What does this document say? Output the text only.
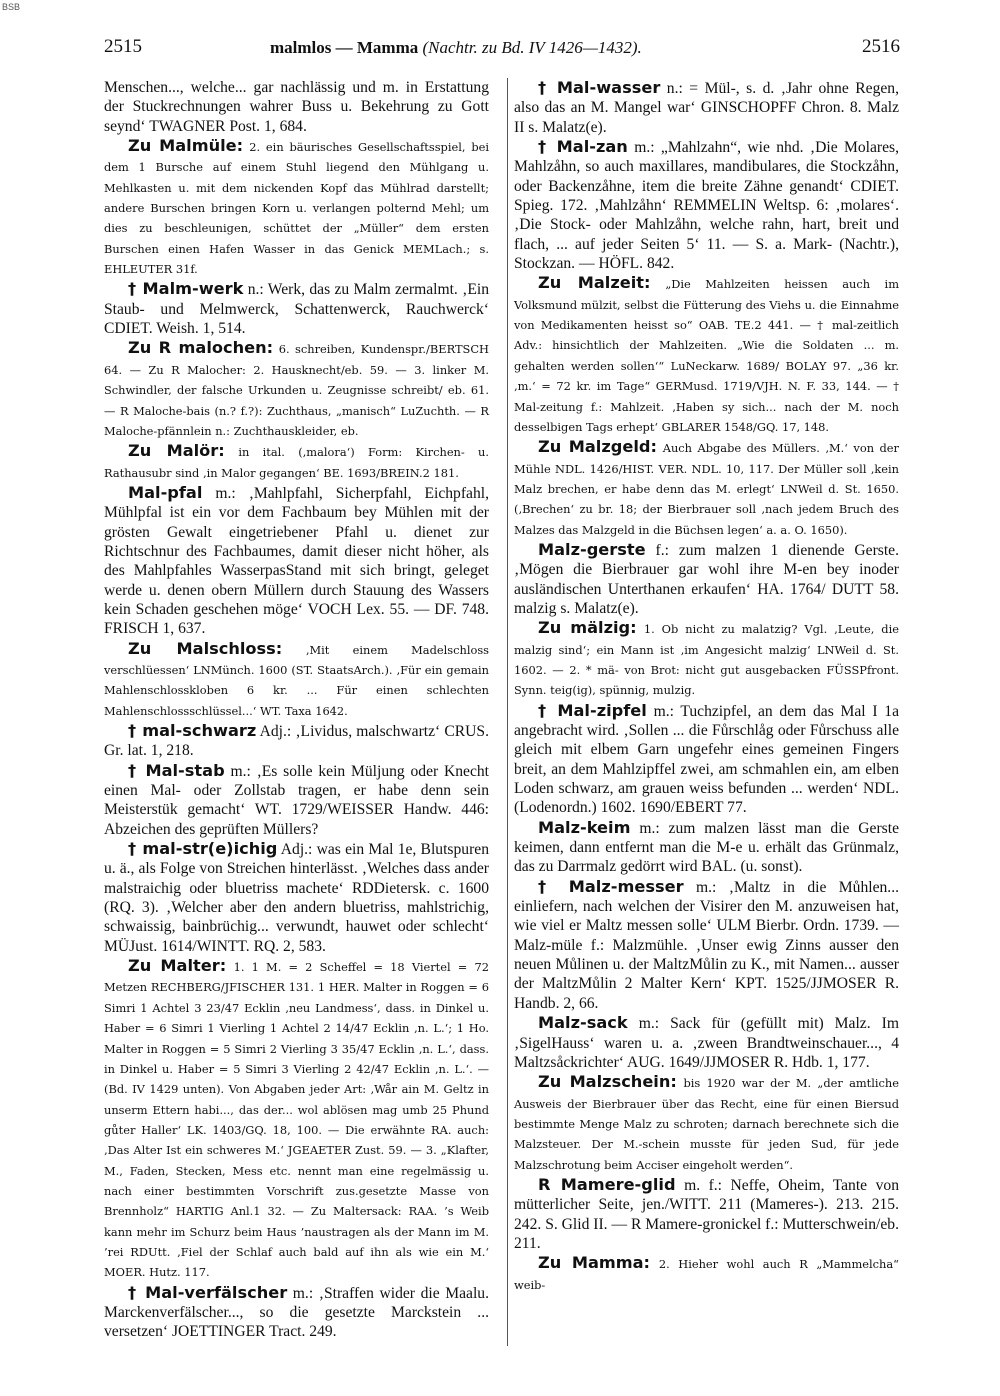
BSB
2515	malmlos — Mamma (Nachtr. zu Bd. IV 1426—1432).	2516

Menschen..., welche... gar nachlässig und m. in Erstattung der Stuckrechnungen wahrer Buss u. Bekehrung zu Gott seynd‘ TWAGNER Post. 1, 684.

Zu Malmüle: 2. ein bäurisches Gesellschaftsspiel, bei dem 1 Bursche auf einem Stuhl liegend den Mühlgang u. Mehlkasten u. mit dem nickenden Kopf das Mühlrad darstellt; andere Burschen bringen Korn u. verlangen polternd Mehl; um dies zu beschleunigen, schüttet der „Müller“ dem ersten Burschen einen Hafen Wasser in das Genick MEMLach.; s. EHLEUTER 31f.

† Malm-werk n.: Werk, das zu Malm zermalmt. ‚Ein Staub- und Melmwerck, Schattenwerck, Rauchwerck‘ CDIET. Weish. 1, 514.

Zu R malochen: 6. schreiben, Kundenspr./BERTSCH 64. — Zu R Malocher: 2. Hausknecht/eb. 59. — 3. linker M. Schwindler, der falsche Urkunden u. Zeugnisse schreibt/ eb. 61. — R Maloche-bais (n.? f.?): Zuchthaus, „manisch“ LuZuchth. — R Maloche-pfännlein n.: Zuchthauskleider, eb.

Zu Malör: in ital. (‚malora‘) Form: Kirchen- u. Rathausubr sind ‚in Malor gegangen‘ BE. 1693/BREIN.2 181.

Mal-pfal m.: ‚Mahlpfahl, Sicherpfahl, Eichpfahl, Mühlpfal ist ein vor dem Fachbaum bey Mühlen mit der grösten Gewalt eingetriebener Pfahl u. dienet zur Richtschnur des Fachbaumes, damit dieser nicht höher, als des Mahlpfahles WasserpasStand mit sich bringt, geleget werde u. denen obern Müllern durch Stauung des Wassers kein Schaden geschehen möge‘ VOCH Lex. 55. — DF. 748. FRISCH 1, 637.

Zu Malschloss: ‚Mit einem Madelschloss verschlüessen‘ LNMünch. 1600 (ST. StaatsArch.). ‚Für ein gemain Mahlenschlossklobеn 6 kr. ... Für einen schlechten Mahlenschlossschlüssel...‘ WT. Taxa 1642.

† mal-schwarz Adj.: ‚Lividus, malschwartz‘ CRUS. Gr. lat. 1, 218.

† Mal-stab m.: ‚Es solle kein Müljung oder Knecht einen Mal- oder Zollstab tragen, er habe denn sein Meisterstük gemacht‘ WT. 1729/WEISSER Handw. 446: Abzeichen des geprüften Müllers?

† mal-str(e)ichig Adj.: was ein Mal 1e, Blutspuren u. ä., als Folge von Streichen hinterlässt. ‚Welches dass ander malstraichig oder bluetriss machete‘ RDDietersk. c. 1600 (RQ. 3). ‚Welcher aber den andern bluetriss, mahlstrichig, schwaissig, bainbrüchig... verwundt, hauwet oder schlecht‘ MÜJust. 1614/WINTT. RQ. 2, 583.

Zu Malter: 1. 1 M. = 2 Scheffel = 18 Viertel = 72 Metzen RECHBERG/JFISCHER 131. 1 HER. Malter in Roggen = 6 Simri 1 Achtel 3 23/47 Ecklin ‚neu Landmess‘, dass. in Dinkel u. Haber = 6 Simri 1 Vierling 1 Achtel 2 14/47 Ecklin ‚n. L.‘; 1 Ho. Malter in Roggen = 5 Simri 2 Vierling 3 35/47 Ecklin ‚n. L.‘, dass. in Dinkel u. Haber = 5 Simri 3 Vierling 2 42/47 Ecklin ‚n. L.‘. — (Bd. IV 1429 unten). Von Abgaben jeder Art: ‚Wår ain M. Geltz in unserm Ettern habi..., das der... wol ablösen mag umb 25 Phund gůter Haller‘ LK. 1403/GQ. 18, 100. — Die erwähnte RA. auch: ‚Das Alter Ist ein schweres M.‘ JGEAETER Zust. 59. — 3. „Klafter, M., Faden, Stecken, Mess etc. nennt man eine regelmässig u. nach einer bestimmten Vorschrift zus.gesetzte Masse von Brennholz“ HARTIG Anl.1 32. — Zu Maltersack: RAA. ’s Weib kann mehr im Schurz beim Haus ’naustragen als der Mann im M. ’rei RDUtt. ‚Fiel der Schlaf auch bald auf ihn als wie ein M.‘ MOER. Hutz. 117.

† Mal-verfälscher m.: ‚Straffen wider die Maalu. Marckenverfälscher..., so die gesetzte Marckstein ... versetzen‘ JOETTINGER Tract. 249.

† Mal-wasser n.: = Mül-, s. d. ‚Jahr ohne Regen, also das an M. Mangel war‘ GINSCHOPFF Chron. 8. Malz II s. Malatz(e).

† Mal-zan m.: „Mahlzahn“, wie nhd. ‚Die Molares, Mahlzåhn, so auch maxillares, mandibulares, die Stockzåhn, oder Backenzåhne, item die breite Zähne genandt‘ CDIET. Spieg. 172. ‚Mahlzåhn‘ REMMELIN Weltsp. 6: ‚molares‘. ‚Die Stock- oder Mahlzåhn, welche rahn, hart, breit und flach, ... auf jeder Seiten 5‘ 11. — S. a. Mark- (Nachtr.), Stockzan. — HÖFL. 842.

Zu Malzeit: „Die Mahlzeiten heissen auch im Volksmund mülzit, selbst die Fütterung des Viehs u. die Einnahme von Medikamenten heisst so“ OAB. TE.2 441. — † mal-zeitlich Adv.: hinsichtlich der Mahlzeiten. „Wie die Soldaten ... m. gehalten werden sollen‘“ LuNeckarw. 1689/ BOLAY 97. „36 kr. ‚m.‘ = 72 kr. im Tage“ GERMusd. 1719/VJH. N. F. 33, 144. — † Mal-zeitung f.: Mahlzeit. ‚Haben sy sich... nach der M. noch desselbigen Tags erhept‘ GBLARER 1548/GQ. 17, 148.

Zu Malzgeld: Auch Abgabe des Müllers. ‚M.‘ von der Mühle NDL. 1426/HIST. VER. NDL. 10, 117. Der Müller soll ‚kein Malz brechen, er habe denn das M. erlegt‘ LNWeil d. St. 1650. (‚Brechen‘ zu br. 18; der Bierbrauer soll ‚nach jedem Bruch des Malzes das Malzgeld in die Büchsen legen‘ a. a. O. 1650).

Malz-gerste f.: zum malzen 1 dienende Gerste. ‚Mögen die Bierbrauer gar wohl ihre M-en bey inoder ausländischen Unterthanen erkaufen‘ HA. 1764/ DUTT 58. malzig s. Malatz(e).

Zu mälzig: 1. Ob nicht zu malatzig? Vgl. ‚Leute, die malzig sind‘; ein Mann ist ‚im Angesicht malzig‘ LNWeil d. St. 1602. — 2. * mä- von Brot: nicht gut ausgebacken FÜSSPfront. Synn. teig(ig), spünnig, mulzig.

† Mal-zipfel m.: Tuchzipfel, an dem das Mal I 1a angebracht wird. ‚Sollen ... die Fůrschlåg oder Fůrschuss alle gleich mit elbem Garn ungefehr eines gemeinen Fingers breit, an dem Mahlzipffel zwei, am schmahlen ein, am elben Loden schwarz, am grauen weiss befunden ... werden‘ NDL. (Lodenordn.) 1602. 1690/EBERT 77.

Malz-keim m.: zum malzen lässt man die Gerste keimen, dann entfernt man die M-e u. erhält das Grünmalz, das zu Darrmalz gedörrt wird BAL. (u. sonst).

† Malz-messer m.: ‚Maltz in die Můhlen... einliefern, nach welchen der Visirer den M. anzuweisen hat, wie viel er Maltz messen solle‘ ULM Bierbr. Ordn. 1739. — Malz-müle f.: Malzmühle. ‚Unser ewig Zinns ausser den neuen Můlinen u. der MaltzMůlin zu K., mit Namen... ausser der MaltzMůlin 2 Malter Kern‘ KPT. 1525/JJMOSER R. Handb. 2, 66.

Malz-sack m.: Sack für (gefüllt mit) Malz. Im ‚SigelHauss‘ waren u. a. ‚zween Brandtweinschauer..., 4 Maltzsåckrichter‘ AUG. 1649/JJMOSER R. Hdb. 1, 177.

Zu Malzschein: bis 1920 war der M. „der amtliche Ausweis der Bierbrauer über das Recht, eine für einen Biersud bestimmte Menge Malz zu schroten; darnach berechnete sich die Malzsteuer. Der M.-schein musste für jeden Sud, für jede Malzschrotung beim Acciser eingeholt werden“.

R Mamere-glid m. f.: Neffe, Oheim, Tante von mütterlicher Seite, jen./WITT. 211 (Mameres-). 213. 215. 242. S. Glid II. — R Mamere-gronickel f.: Mutterschwein/eb. 211.

Zu Mamma: 2. Hieher wohl auch R „Mammelcha“ weib-
